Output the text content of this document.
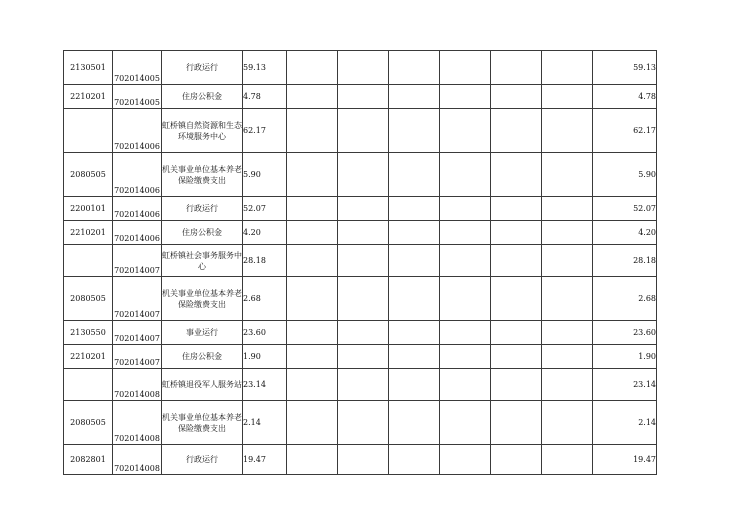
2130501	702014005	行政运行	59.13							59.13
2210201	702014005	住房公积金	4.78							4.78
	702014006	虹桥镇自然资源和生态环境服务中心	62.17							62.17
2080505	702014006	机关事业单位基本养老保险缴费支出	5.90							5.90
2200101	702014006	行政运行	52.07							52.07
2210201	702014006	住房公积金	4.20							4.20
	702014007	虹桥镇社会事务服务中心	28.18							28.18
2080505	702014007	机关事业单位基本养老保险缴费支出	2.68							2.68
2130550	702014007	事业运行	23.60							23.60
2210201	702014007	住房公积金	1.90							1.90
	702014008	虹桥镇退役军人服务站	23.14							23.14
2080505	702014008	机关事业单位基本养老保险缴费支出	2.14							2.14
2082801	702014008	行政运行	19.47							19.47
